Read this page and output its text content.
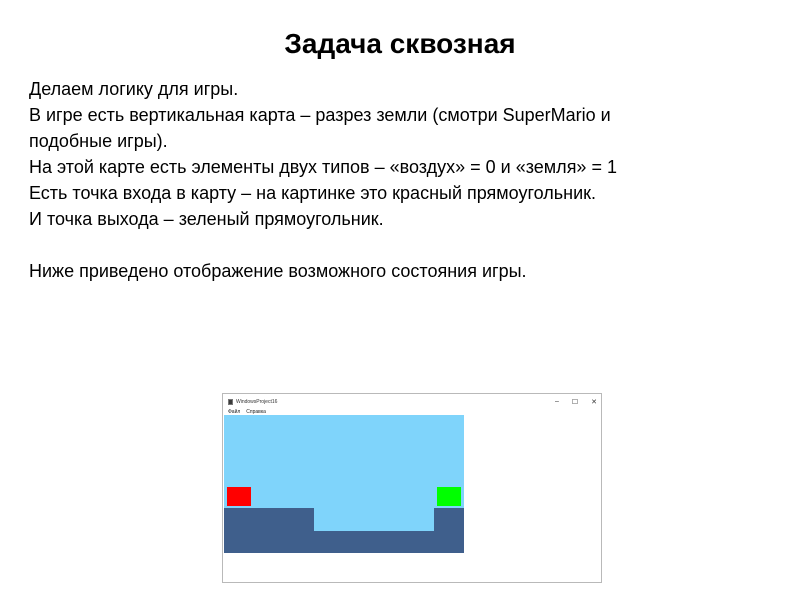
Задача сквозная
Делаем логику для игры.
В игре есть вертикальная карта – разрез земли (смотри SuperMario и
подобные игры).
На этой карте есть элементы двух типов – «воздух» = 0 и «земля» = 1
Есть точка входа в карту – на картинке это красный прямоугольник.
И точка выхода – зеленый прямоугольник.
Ниже приведено отображение возможного состояния игры.
WindowsProject16	– ☐ ✕
Файл Справка
